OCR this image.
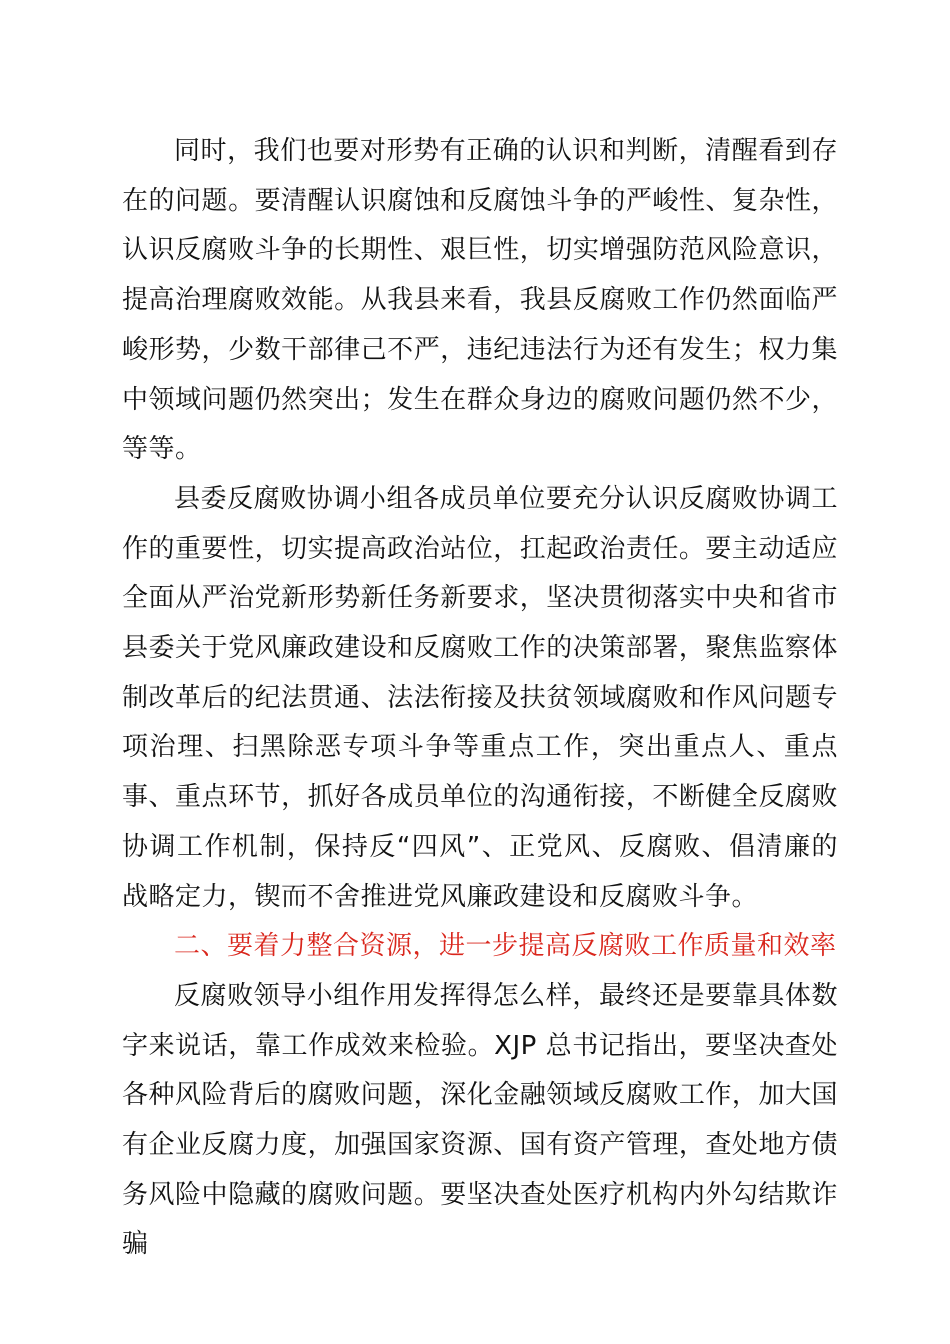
同时，我们也要对形势有正确的认识和判断，清醒看到存在的问题。要清醒认识腐蚀和反腐蚀斗争的严峻性、复杂性，认识反腐败斗争的长期性、艰巨性，切实增强防范风险意识，提高治理腐败效能。从我县来看，我县反腐败工作仍然面临严峻形势，少数干部律己不严，违纪违法行为还有发生；权力集中领域问题仍然突出；发生在群众身边的腐败问题仍然不少，等等。

县委反腐败协调小组各成员单位要充分认识反腐败协调工作的重要性，切实提高政治站位，扛起政治责任。要主动适应全面从严治党新形势新任务新要求，坚决贯彻落实中央和省市县委关于党风廉政建设和反腐败工作的决策部署，聚焦监察体制改革后的纪法贯通、法法衔接及扶贫领域腐败和作风问题专项治理、扫黑除恶专项斗争等重点工作，突出重点人、重点事、重点环节，抓好各成员单位的沟通衔接，不断健全反腐败协调工作机制，保持反“四风”、正党风、反腐败、倡清廉的战略定力，锲而不舍推进党风廉政建设和反腐败斗争。

二、要着力整合资源，进一步提高反腐败工作质量和效率

反腐败领导小组作用发挥得怎么样，最终还是要靠具体数字来说话，靠工作成效来检验。XJP 总书记指出，要坚决查处各种风险背后的腐败问题，深化金融领域反腐败工作，加大国有企业反腐力度，加强国家资源、国有资产管理，查处地方债务风险中隐藏的腐败问题。要坚决查处医疗机构内外勾结欺诈骗
